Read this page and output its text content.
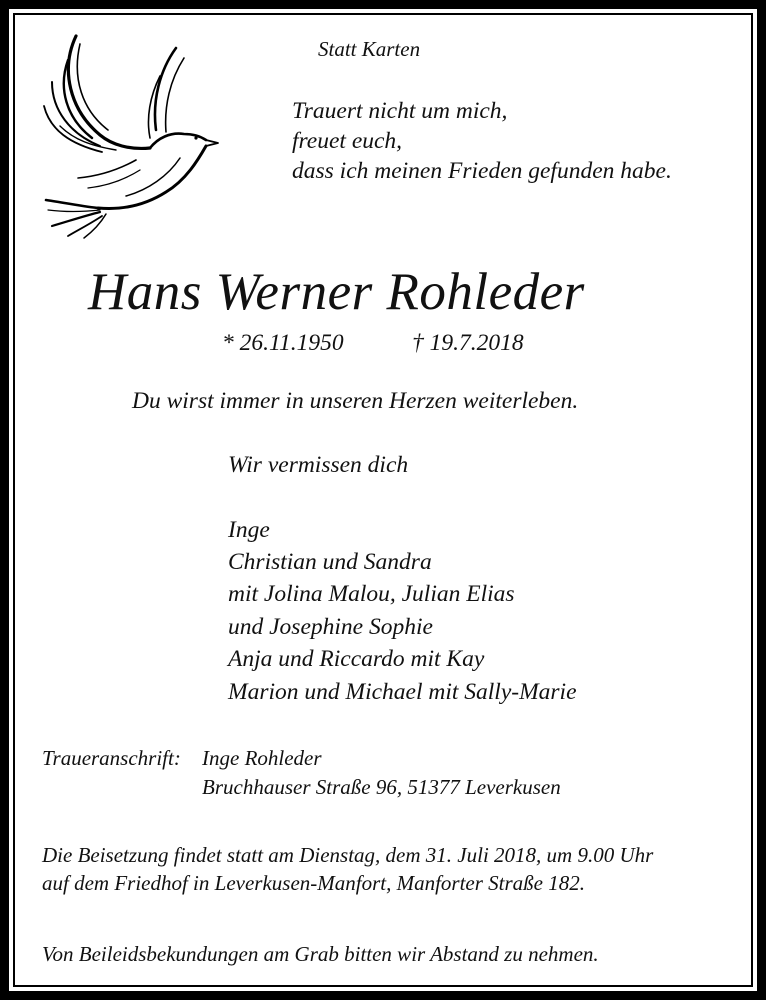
Statt Karten
Trauert nicht um mich,
freuet euch,
dass ich meinen Frieden gefunden habe.
Hans Werner Rohleder
* 26.11.1950	† 19.7.2018
Du wirst immer in unseren Herzen weiterleben.
Wir vermissen dich
Inge
Christian und Sandra
mit Jolina Malou, Julian Elias
und Josephine Sophie
Anja und Riccardo mit Kay
Marion und Michael mit Sally-Marie
Traueranschrift: Inge Rohleder
Bruchhauser Straße 96, 51377 Leverkusen
Die Beisetzung findet statt am Dienstag, dem 31. Juli 2018, um 9.00 Uhr
auf dem Friedhof in Leverkusen-Manfort, Manforter Straße 182.
Von Beileidsbekundungen am Grab bitten wir Abstand zu nehmen.
